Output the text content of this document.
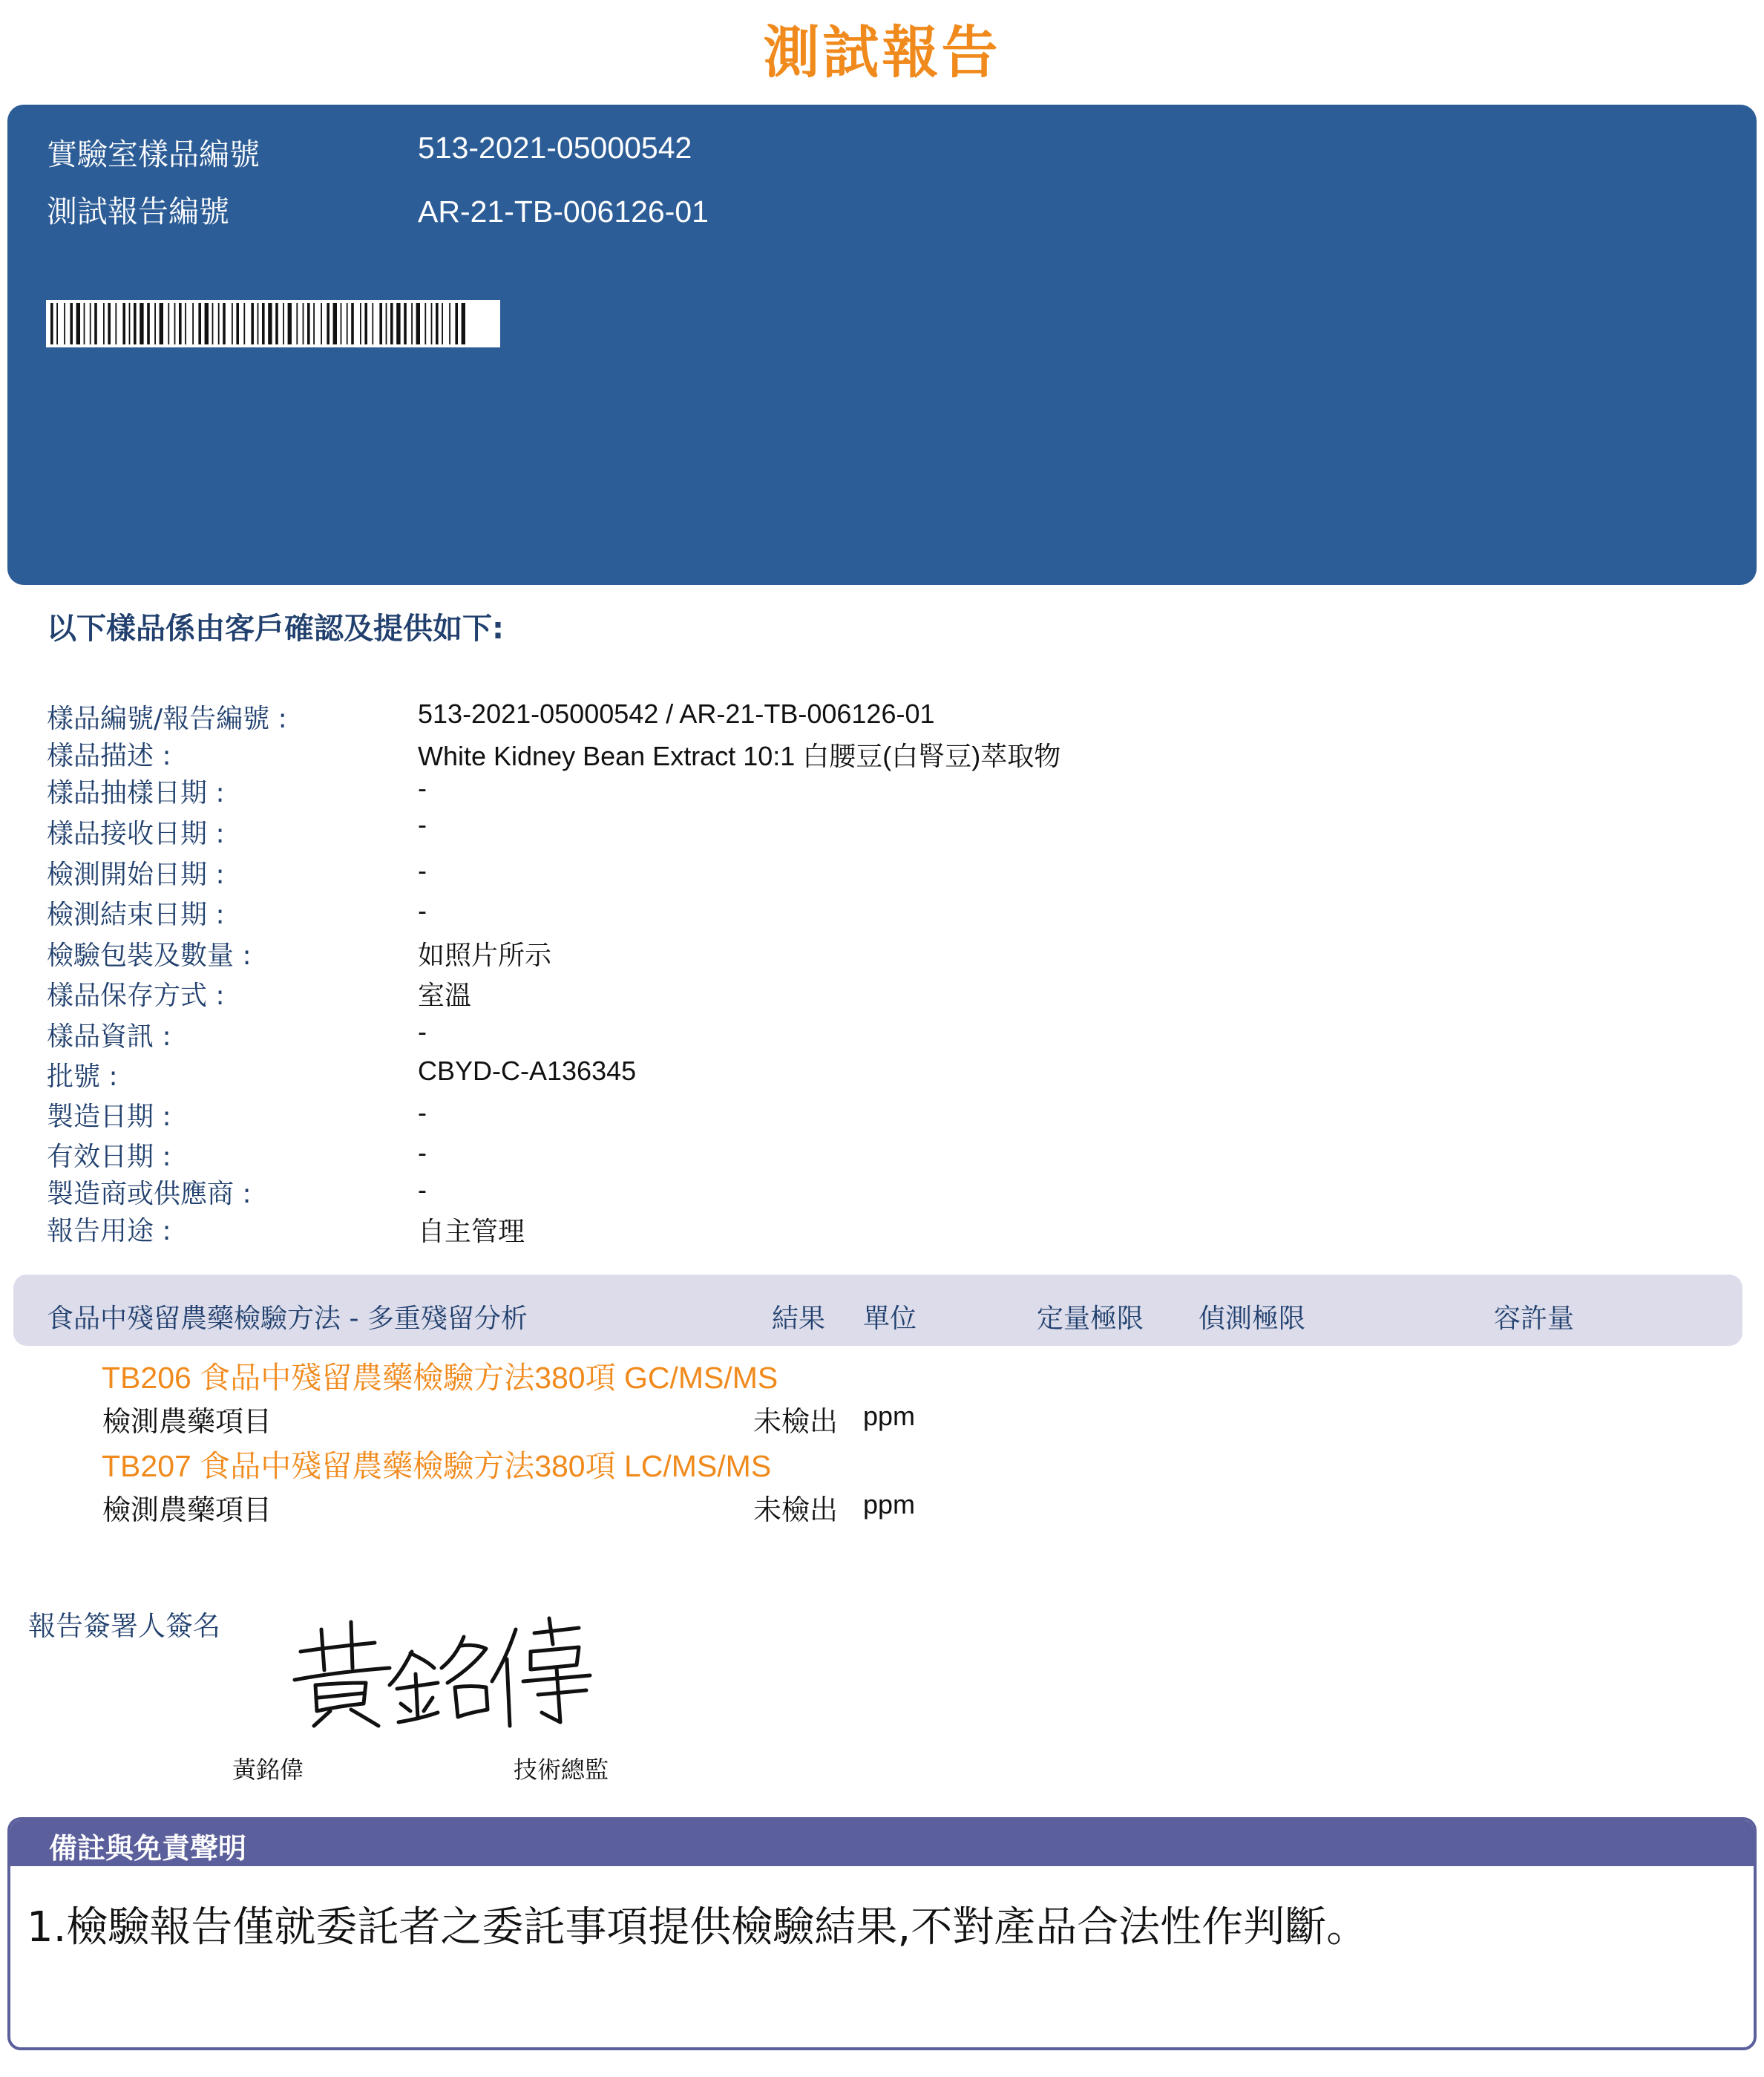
測試報告
實驗室樣品編號	513-2021-05000542
測試報告編號	AR-21-TB-006126-01
以下樣品係由客戶確認及提供如下:
樣品編號/報告編號 :	513-2021-05000542 / AR-21-TB-006126-01
樣品描述 :	White Kidney Bean Extract 10:1 白腰豆(白腎豆)萃取物
樣品抽樣日期 :	-
樣品接收日期 :	-
檢測開始日期 :	-
檢測結束日期 :	-
檢驗包裝及數量 :	如照片所示
樣品保存方式 :	室溫
樣品資訊 :	-
批號 :	CBYD-C-A136345
製造日期 :	-
有效日期 :	-
製造商或供應商 :	-
報告用途 :	自主管理
食品中殘留農藥檢驗方法 - 多重殘留分析	結果 單位	定量極限 偵測極限	容許量
TB206 食品中殘留農藥檢驗方法380項 GC/MS/MS
檢測農藥項目	未檢出 ppm
TB207 食品中殘留農藥檢驗方法380項 LC/MS/MS
檢測農藥項目	未檢出 ppm
報告簽署人簽名
黃銘偉	技術總監
備註與免責聲明
1.檢驗報告僅就委託者之委託事項提供檢驗結果,不對產品合法性作判斷。
